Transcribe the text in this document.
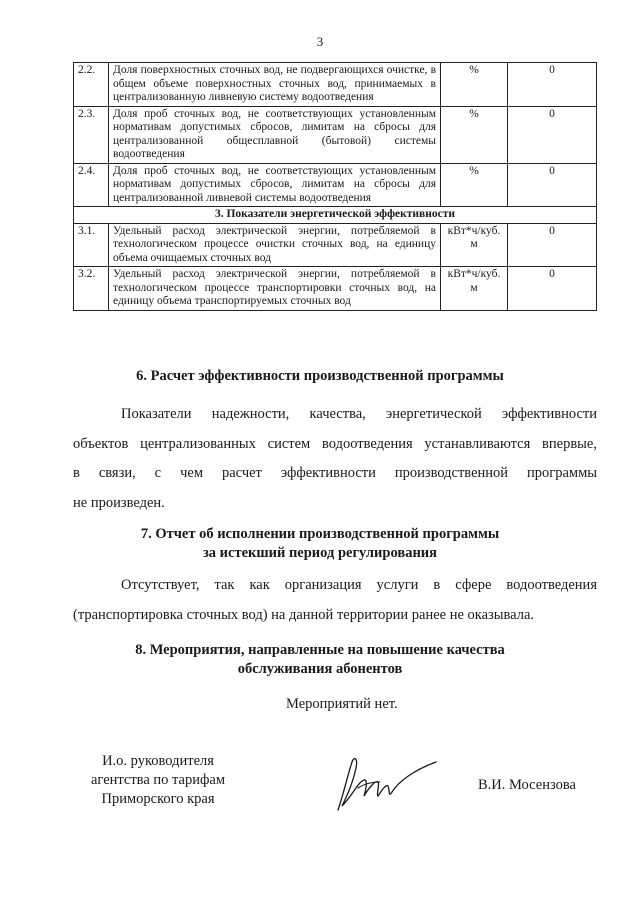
3
2.2.	Доля поверхностных сточных вод, не подвергающихся очистке, в общем объеме поверхностных сточных вод, принимаемых в централизованную ливневую систему водоотведения	%	0
2.3.	Доля проб сточных вод, не соответствующих установленным нормативам допустимых сбросов, лимитам на сбросы для централизованной общесплавной (бытовой) системы водоотведения	%	0
2.4.	Доля проб сточных вод, не соответствующих установленным нормативам допустимых сбросов, лимитам на сбросы для централизованной ливневой системы водоотведения	%	0
3. Показатели энергетической эффективности			
3.1.	Удельный расход электрической энергии, потребляемой в технологическом процессе очистки сточных вод, на единицу объема очищаемых сточных вод	кВт*ч/куб. м	0
3.2.	Удельный расход электрической энергии, потребляемой в технологическом процессе транспортировки сточных вод, на единицу объема транспортируемых сточных вод	кВт*ч/куб. м	0
6. Расчет эффективности производственной программы

Показатели надежности, качества, энергетической эффективности
объектов централизованных систем водоотведения устанавливаются впервые,
в связи, с чем расчет эффективности производственной программы
не произведен.

7. Отчет об исполнении производственной программы
за истекший период регулирования

Отсутствует, так как организация услуги в сфере водоотведения
(транспортировка сточных вод) на данной территории ранее не оказывала.

8. Мероприятия, направленные на повышение качества
обслуживания абонентов
Мероприятий нет.
И.о. руководителя
агентства по тарифам
Приморского края
В.И. Мосензова
